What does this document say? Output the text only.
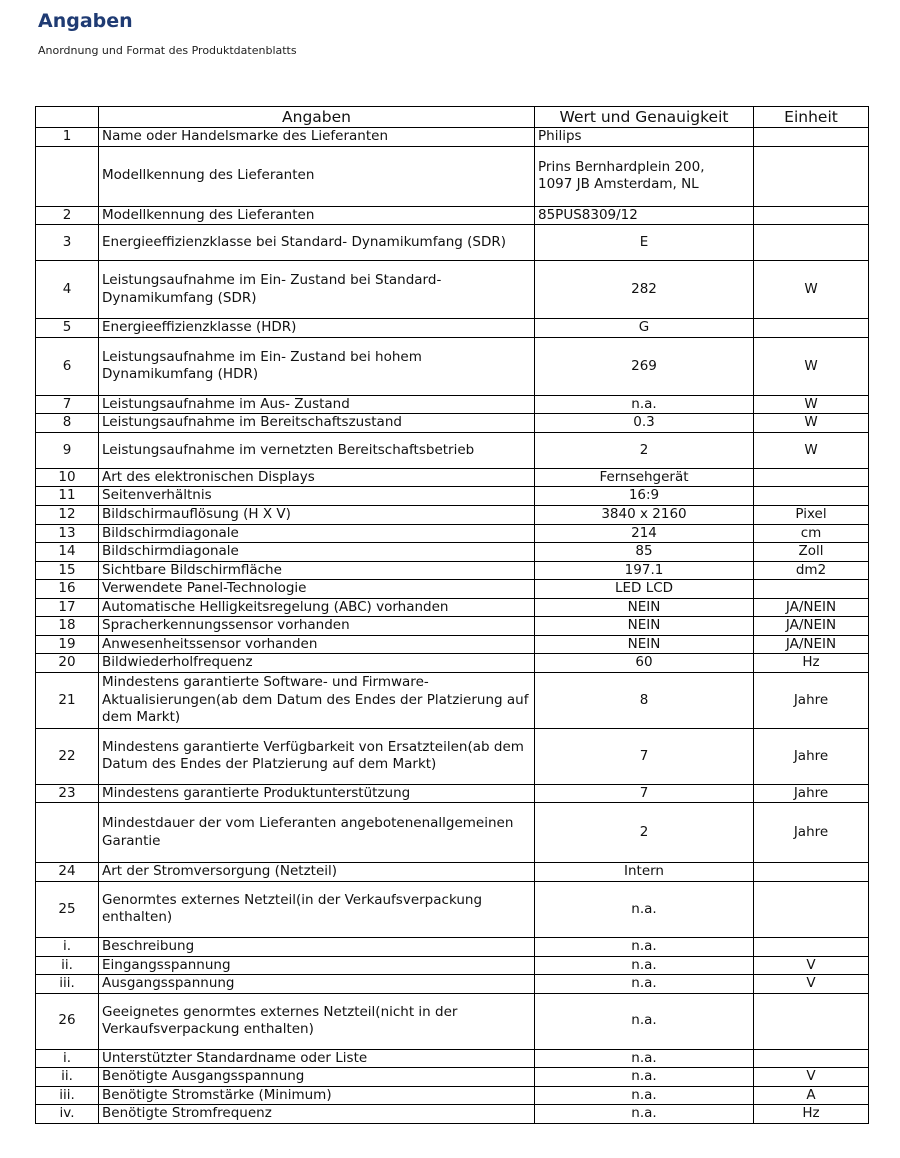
Angaben
Anordnung und Format des Produktdatenblatts
	Angaben	Wert und Genauigkeit	Einheit
1	Name oder Handelsmarke des Lieferanten	Philips	
	Modellkennung des Lieferanten	Prins Bernhardplein 200,
1097 JB Amsterdam, NL	

2	Modellkennung des Lieferanten	85PUS8309/12	
3	Energieeffizienzklasse bei Standard- Dynamikumfang (SDR)	E	
4	Leistungsaufnahme im Ein- Zustand bei Standard- Dynamikumfang (SDR)	282	W
5	Energieeffizienzklasse (HDR)	G	
6	Leistungsaufnahme im Ein- Zustand bei hohem Dynamikumfang (HDR)	269	W
7	Leistungsaufnahme im Aus- Zustand	n.a.	W
8	Leistungsaufnahme im Bereitschaftszustand	0.3	W
9	Leistungsaufnahme im vernetzten Bereitschaftsbetrieb	2	W
10	Art des elektronischen Displays	Fernsehgerät	
11	Seitenverhältnis	16:9	
12	Bildschirmauflösung (H X V)	3840 x 2160	Pixel
13	Bildschirmdiagonale	214	cm
14	Bildschirmdiagonale	85	Zoll
15	Sichtbare Bildschirmfläche	197.1	dm2
16	Verwendete Panel-Technologie	LED LCD	
17	Automatische Helligkeitsregelung (ABC) vorhanden	NEIN	JA/NEIN
18	Spracherkennungssensor vorhanden	NEIN	JA/NEIN
19	Anwesenheitssensor vorhanden	NEIN	JA/NEIN
20	Bildwiederholfrequenz	60	Hz
21	Mindestens garantierte Software- und Firmware- Aktualisierungen(ab dem Datum des Endes der Platzierung auf dem Markt)	8	Jahre
22	Mindestens garantierte Verfügbarkeit von Ersatzteilen(ab dem Datum des Endes der Platzierung auf dem Markt)	7	Jahre
23	Mindestens garantierte Produktunterstützung	7	Jahre
	Mindestdauer der vom Lieferanten angebotenenallgemeinen Garantie	2	Jahre
24	Art der Stromversorgung (Netzteil)	Intern	
25	Genormtes externes Netzteil(in der Verkaufsverpackung enthalten)	n.a.	
i.	Beschreibung	n.a.	
ii.	Eingangsspannung	n.a.	V
iii.	Ausgangsspannung	n.a.	V
26	Geeignetes genormtes externes Netzteil(nicht in der Verkaufsverpackung enthalten)	n.a.	
i.	Unterstützter Standardname oder Liste	n.a.	
ii.	Benötigte Ausgangsspannung	n.a.	V
iii.	Benötigte Stromstärke (Minimum)	n.a.	A
iv.	Benötigte Stromfrequenz	n.a.	Hz
